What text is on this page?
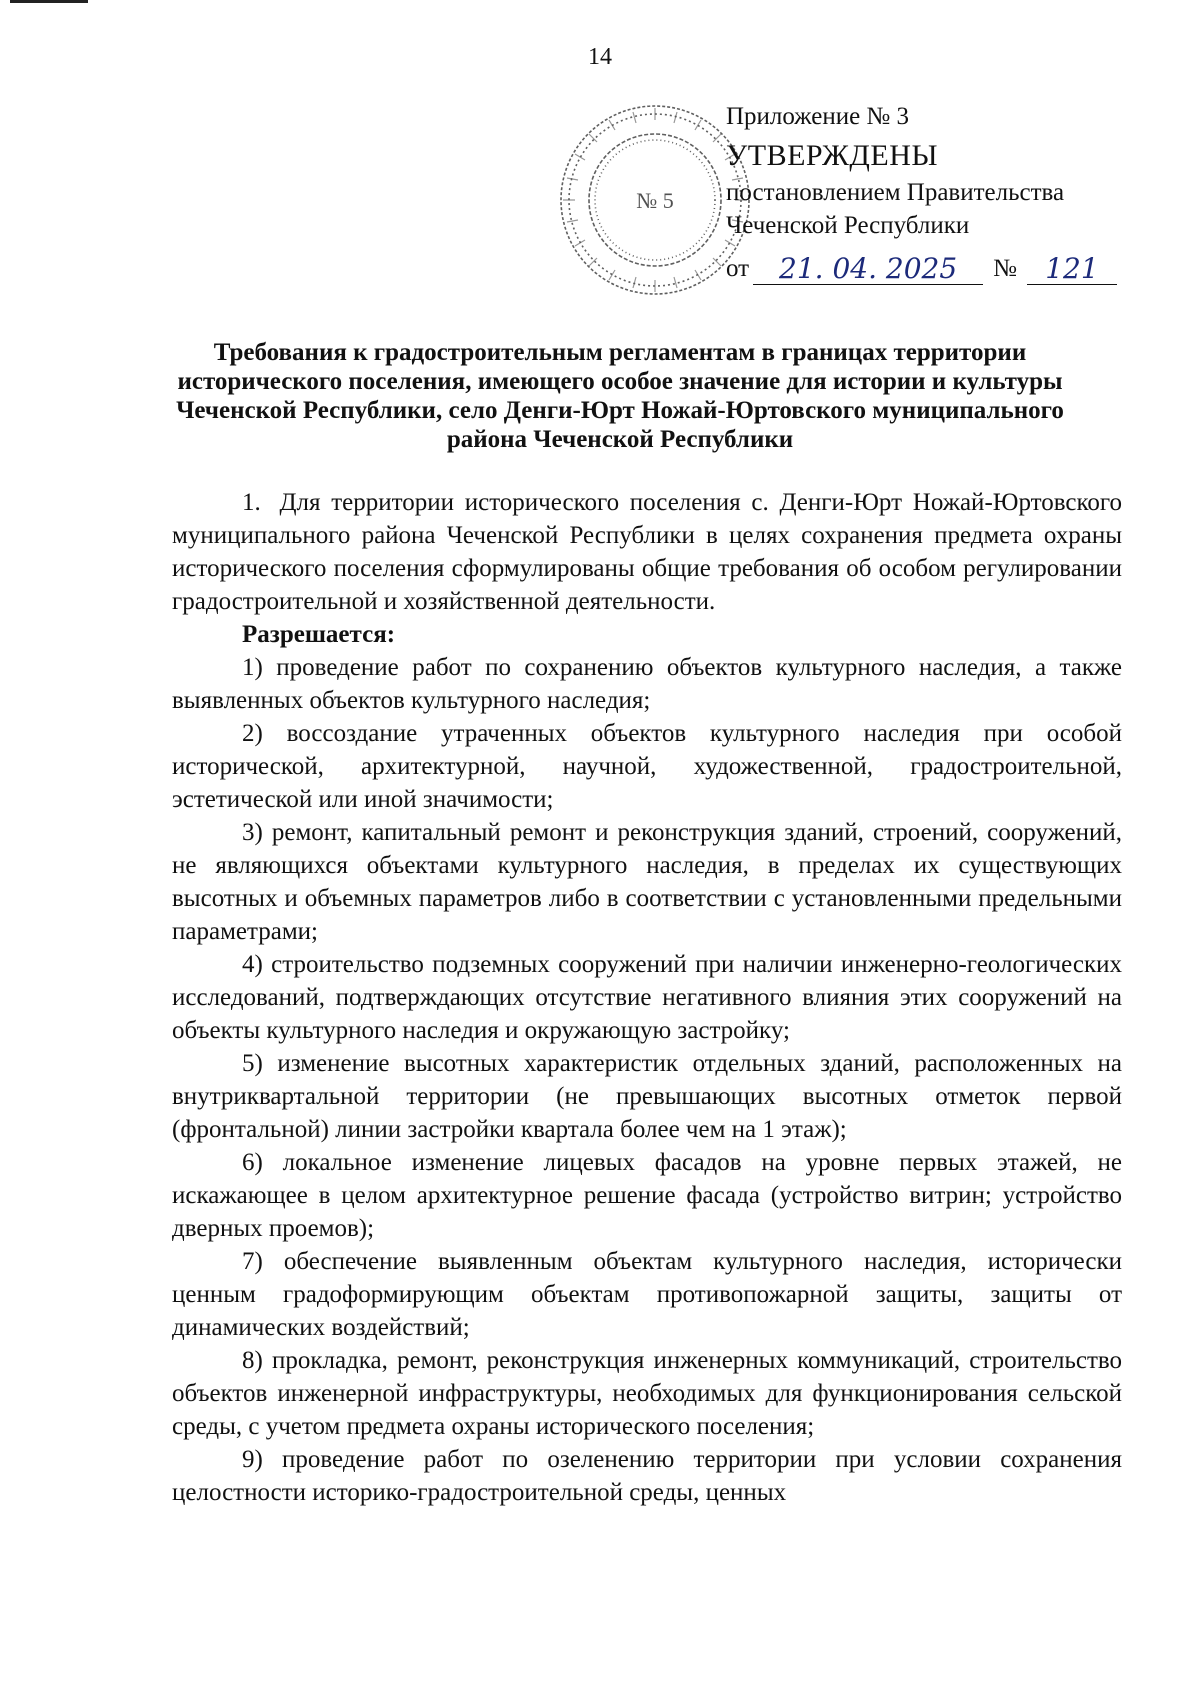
14
№ 5
Приложение № 3
УТВЕРЖДЕНЫ
постановлением Правительства
Чеченской Республики
от	21. 04. 2025	№	121
Требования к градостроительным регламентам в границах территории исторического поселения, имеющего особое значение для истории и культуры Чеченской Республики, село Денги-Юрт Ножай-Юртовского муниципального района Чеченской Республики

1. Для территории исторического поселения с. Денги-Юрт Ножай-Юртовского муниципального района Чеченской Республики в целях сохранения предмета охраны исторического поселения сформулированы общие требования об особом регулировании градостроительной и хозяйственной деятельности.

Разрешается:

1) проведение работ по сохранению объектов культурного наследия, а также выявленных объектов культурного наследия;

2) воссоздание утраченных объектов культурного наследия при особой исторической, архитектурной, научной, художественной, градостроительной, эстетической или иной значимости;

3) ремонт, капитальный ремонт и реконструкция зданий, строений, сооружений, не являющихся объектами культурного наследия, в пределах их существующих высотных и объемных параметров либо в соответствии с установленными предельными параметрами;

4) строительство подземных сооружений при наличии инженерно-геологических исследований, подтверждающих отсутствие негативного влияния этих сооружений на объекты культурного наследия и окружающую застройку;

5) изменение высотных характеристик отдельных зданий, расположенных на внутриквартальной территории (не превышающих высотных отметок первой (фронтальной) линии застройки квартала более чем на 1 этаж);

6) локальное изменение лицевых фасадов на уровне первых этажей, не искажающее в целом архитектурное решение фасада (устройство витрин; устройство дверных проемов);

7) обеспечение выявленным объектам культурного наследия, исторически ценным градоформирующим объектам противопожарной защиты, защиты от динамических воздействий;

8) прокладка, ремонт, реконструкция инженерных коммуникаций, строительство объектов инженерной инфраструктуры, необходимых для функционирования сельской среды, с учетом предмета охраны исторического поселения;

9) проведение работ по озеленению территории при условии сохранения целостности историко-градостроительной среды, ценных
